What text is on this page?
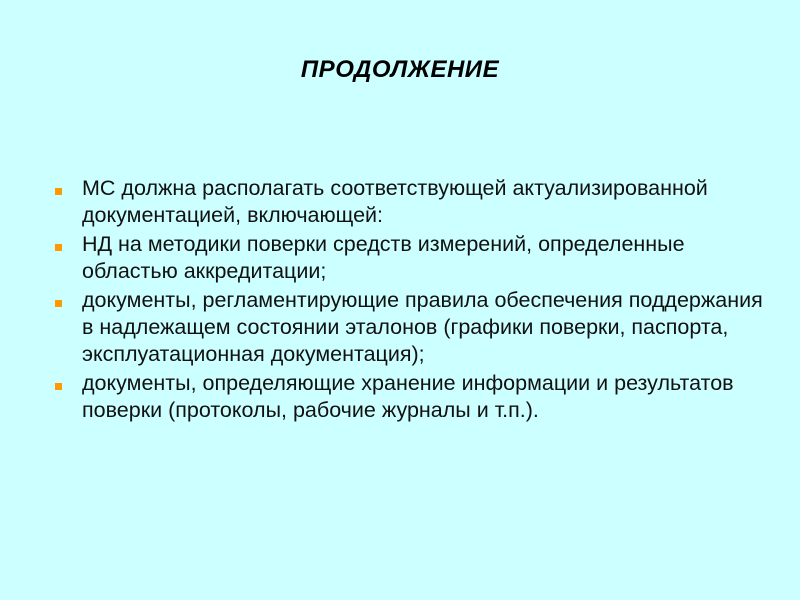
ПРОДОЛЖЕНИЕ
МС должна располагать соответствующей актуализированной документацией, включающей:
НД на методики поверки средств измерений, определенные областью аккредитации;
документы, регламентирующие правила обеспечения поддержания в надлежащем состоянии эталонов (графики поверки, паспорта, эксплуатационная документация);
документы, определяющие хранение информации и результатов поверки (протоколы, рабочие журналы и т.п.).
